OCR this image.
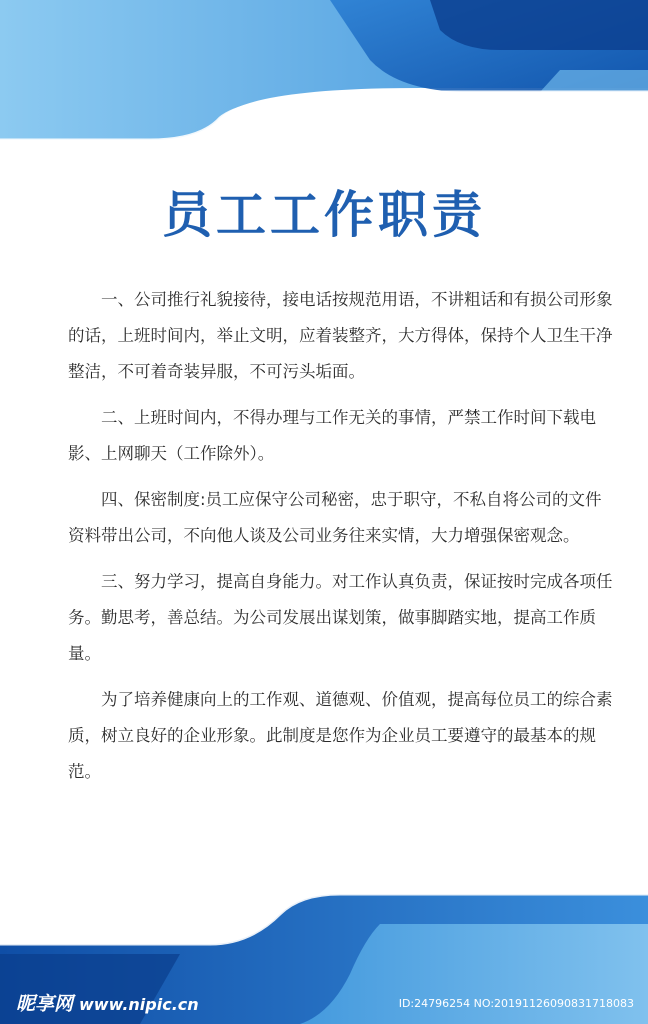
员工工作职责

一、公司推行礼貌接待，接电话按规范用语，不讲粗话和有损公司形象的话，上班时间内，举止文明，应着装整齐，大方得体，保持个人卫生干净整洁，不可着奇装异服，不可污头垢面。

二、上班时间内，不得办理与工作无关的事情，严禁工作时间下载电影、上网聊天（工作除外）。

四、保密制度:员工应保守公司秘密，忠于职守，不私自将公司的文件资料带出公司，不向他人谈及公司业务往来实情，大力增强保密观念。

三、努力学习，提高自身能力。对工作认真负责，保证按时完成各项任务。勤思考，善总结。为公司发展出谋划策，做事脚踏实地，提高工作质量。

为了培养健康向上的工作观、道德观、价值观，提高每位员工的综合素质，树立良好的企业形象。此制度是您作为企业员工要遵守的最基本的规范。

昵享网 www.nipic.cn	ID:24796254 NO:20191126090831718083
